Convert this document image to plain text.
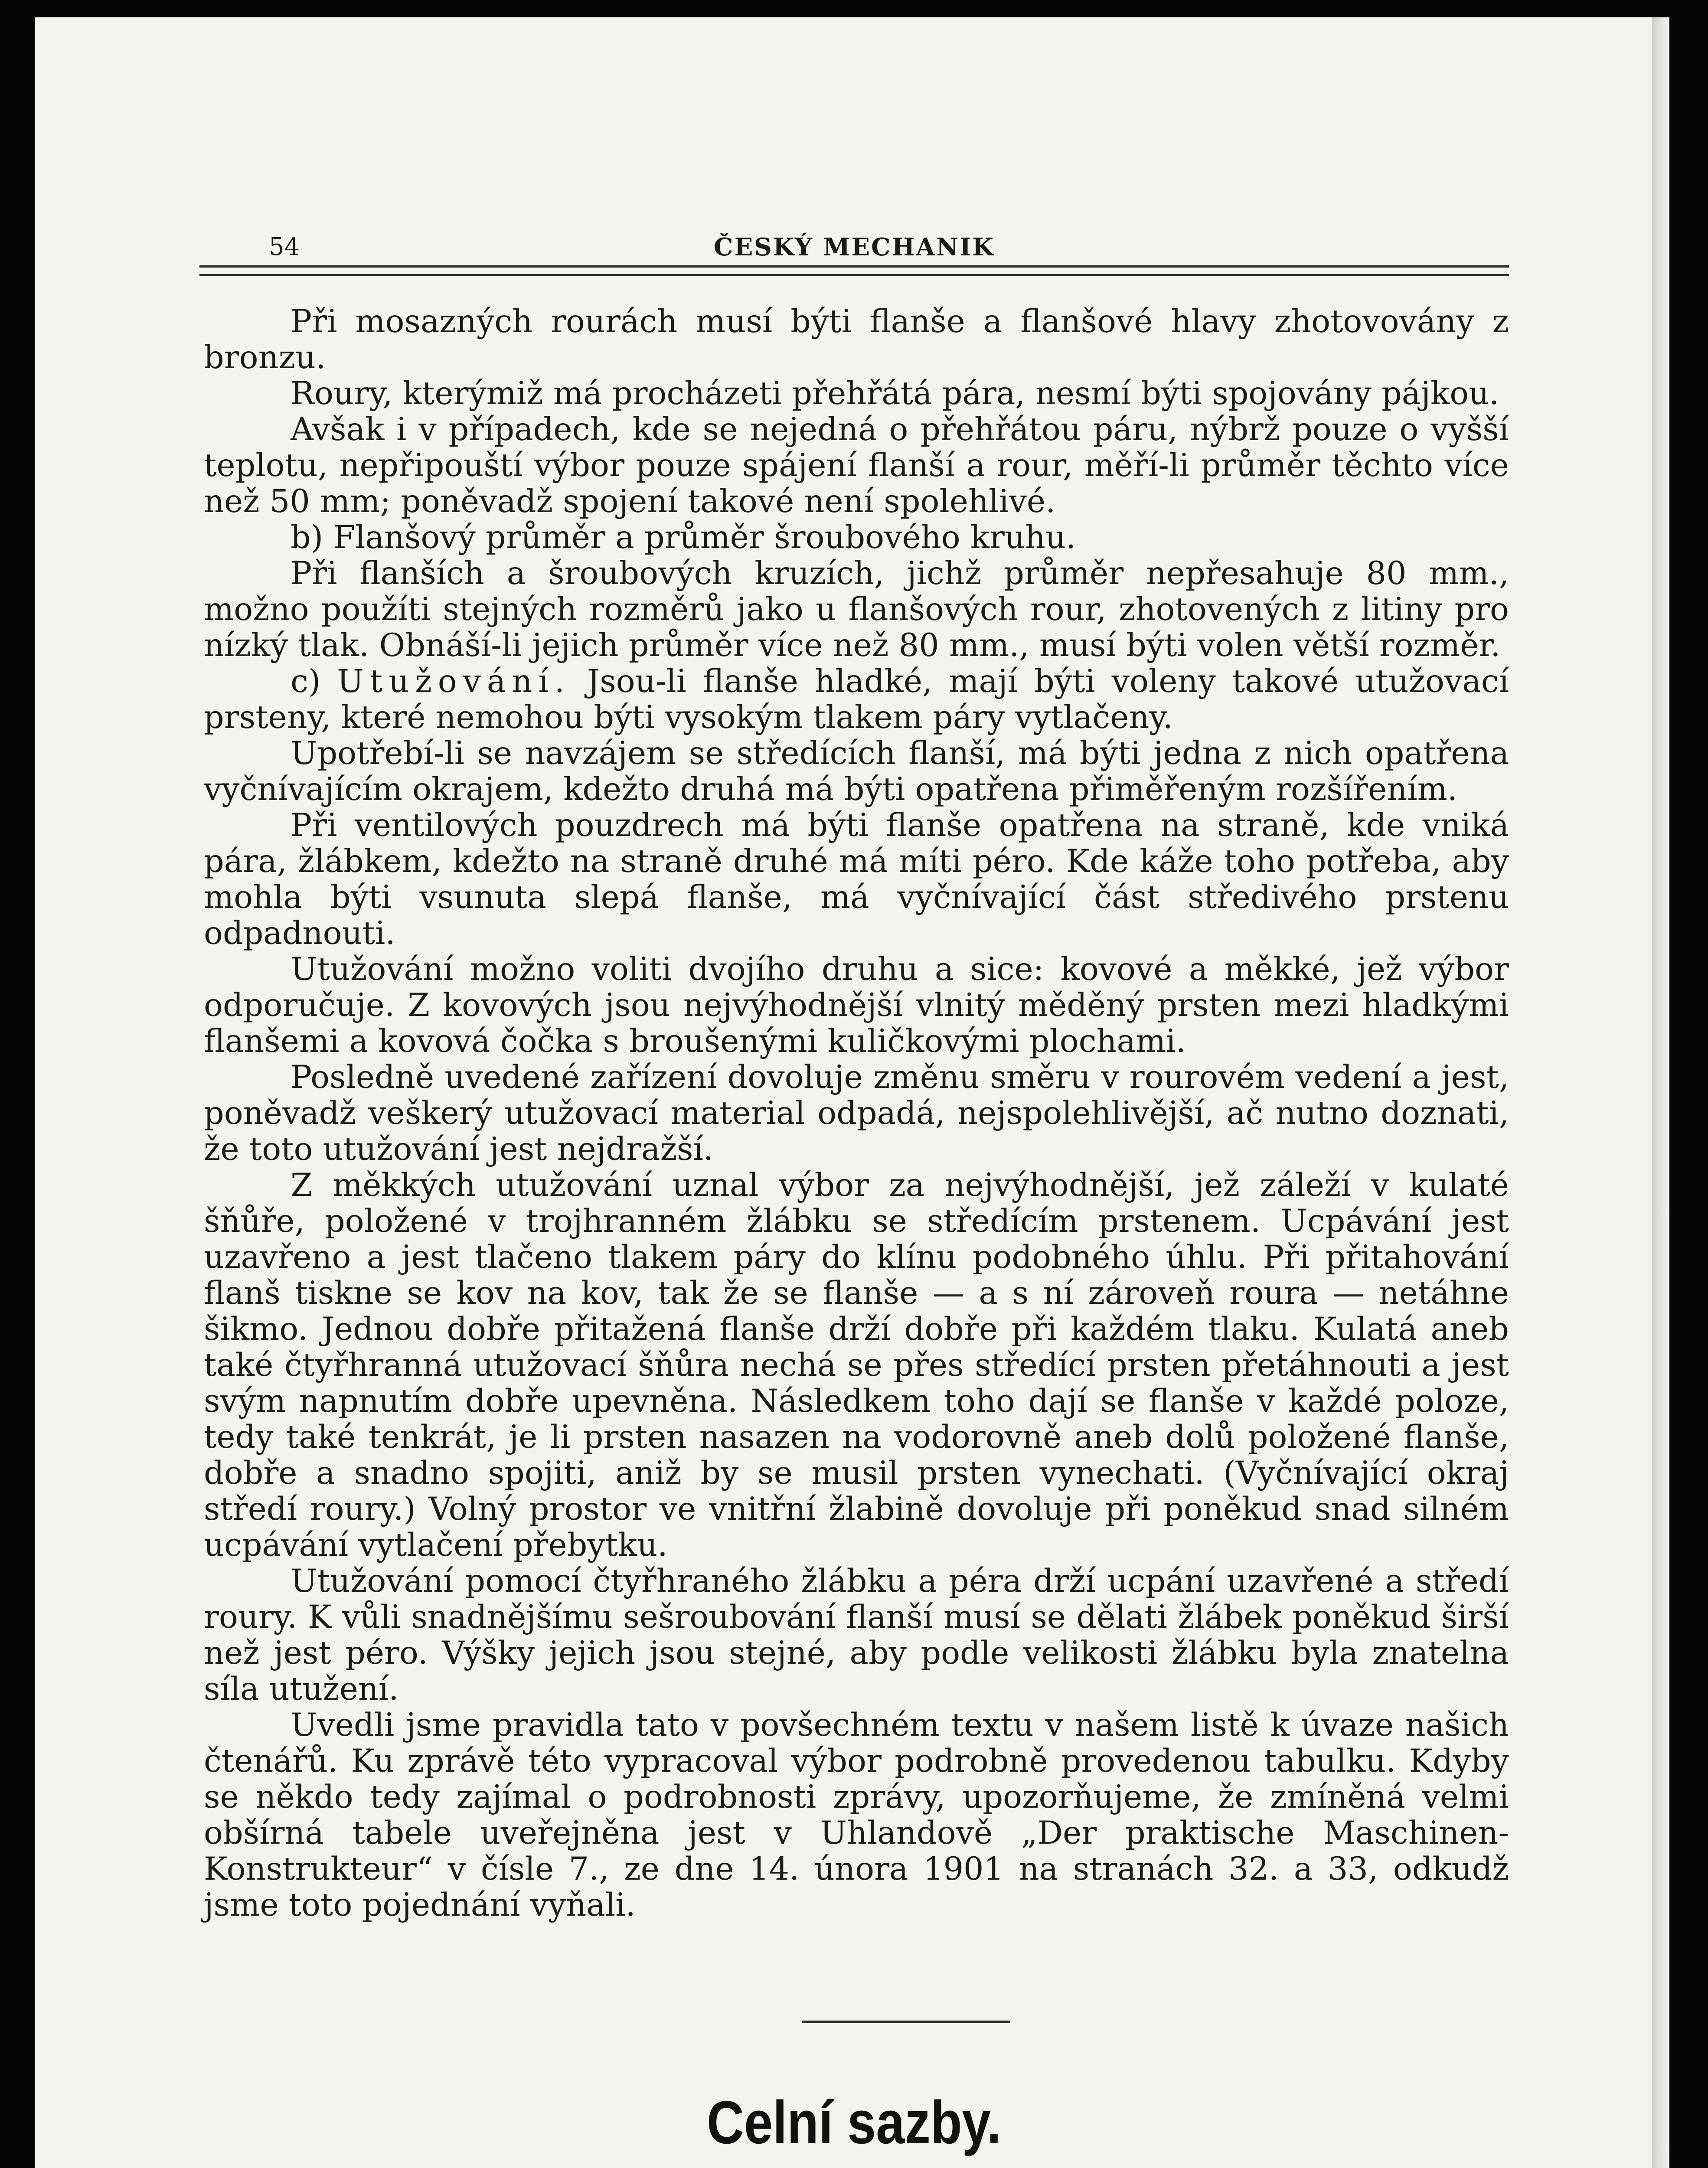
54	ČESKÝ MECHANIK

Při mosazných rourách musí býti flanše a flanšové hlavy zhotovovány z bronzu.

Roury, kterýmiž má procházeti přehřátá pára, nesmí býti spojovány pájkou.

Avšak i v případech, kde se nejedná o přehřátou páru, nýbrž pouze o vyšší teplotu, nepřipouští výbor pouze spájení flanší a rour, měří-li průměr těchto více než 50 mm; poněvadž spojení takové není spolehlivé.

b) Flanšový průměr a průměr šroubového kruhu.

Při flanších a šroubových kruzích, jichž průměr nepřesahuje 80 mm., možno použíti stejných rozměrů jako u flanšových rour, zhotovených z litiny pro nízký tlak. Obnáší-li jejich průměr více než 80 mm., musí býti volen větší rozměr.

c) Utužování. Jsou-li flanše hladké, mají býti voleny takové utužovací prsteny, které nemohou býti vysokým tlakem páry vytlačeny.

Upotřebí-li se navzájem se středících flanší, má býti jedna z nich opatřena vyčnívajícím okrajem, kdežto druhá má býti opatřena přiměřeným rozšířením.

Při ventilových pouzdrech má býti flanše opatřena na straně, kde vniká pára, žlábkem, kdežto na straně druhé má míti péro. Kde káže toho potřeba, aby mohla býti vsunuta slepá flanše, má vyčnívající část středivého prstenu odpadnouti.

Utužování možno voliti dvojího druhu a sice: kovové a měkké, jež výbor odporučuje. Z kovových jsou nejvýhodnější vlnitý měděný prsten mezi hladkými flanšemi a kovová čočka s broušenými kuličkovými plochami.

Posledně uvedené zařízení dovoluje změnu směru v rourovém vedení a jest, poněvadž veškerý utužovací material odpadá, nejspolehlivější, ač nutno doznati, že toto utužování jest nejdražší.

Z měkkých utužování uznal výbor za nejvýhodnější, jež záleží v kulaté šňůře, položené v trojhranném žlábku se středícím prstenem. Ucpávání jest uzavřeno a jest tlačeno tlakem páry do klínu podobného úhlu. Při přitahování flanš tiskne se kov na kov, tak že se flanše — a s ní zároveň roura — netáhne šikmo. Jednou dobře přitažená flanše drží dobře při každém tlaku. Kulatá aneb také čtyřhranná utužovací šňůra nechá se přes středící prsten přetáhnouti a jest svým napnutím dobře upevněna. Následkem toho dají se flanše v každé poloze, tedy také tenkrát, je li prsten nasazen na vodorovně aneb dolů položené flanše, dobře a snadno spojiti, aniž by se musil prsten vynechati. (Vyčnívající okraj středí roury.) Volný prostor ve vnitřní žlabině dovoluje při poněkud snad silném ucpávání vytlačení přebytku.

Utužování pomocí čtyřhraného žlábku a péra drží ucpání uzavřené a středí roury. K vůli snadnějšímu sešroubování flanší musí se dělati žlábek poněkud širší než jest péro. Výšky jejich jsou stejné, aby podle velikosti žlábku byla znatelna síla utužení.

Uvedli jsme pravidla tato v povšechném textu v našem listě k úvaze našich čtenářů. Ku zprávě této vypracoval výbor podrobně provedenou tabulku. Kdyby se někdo tedy zajímal o podrobnosti zprávy, upozorňujeme, že zmíněná velmi obšírná tabele uveřejněna jest v Uhlandově „Der praktische Maschinen-Konstrukteur“ v čísle 7., ze dne 14. února 1901 na stranách 32. a 33, odkudž jsme toto pojednání vyňali.

Celní sazby.
